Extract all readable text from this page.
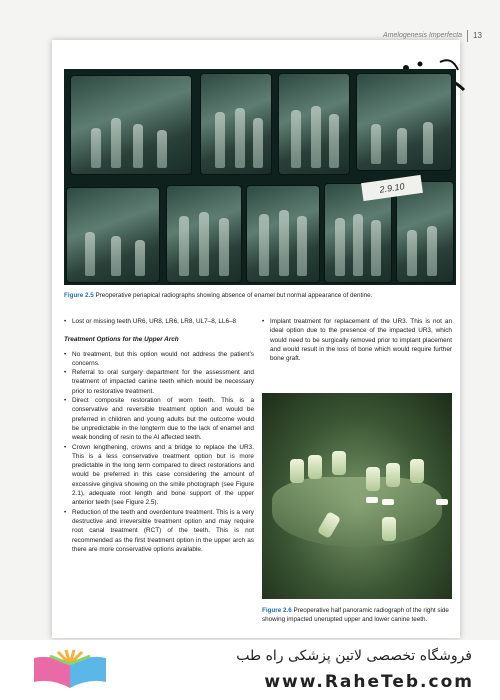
Amelogenesis Imperfecta 13
2.9.10
Figure 2.5 Preoperative periapical radiographs showing absence of enamel but normal appearance of dentine.
• Lost or missing teeth UR6, UR8, LR6, LR8, UL7–8, LL6–8
Treatment Options for the Upper Arch
• No treatment, but this option would not address the patient’s concerns.
• Referral to oral surgery department for the assessment and treatment of impacted canine teeth which would be necessary prior to restorative treatment.
• Direct composite restoration of worn teeth. This is a conservative and reversible treatment option and would be preferred in children and young adults but the outcome would be unpredictable in the longterm due to the lack of enamel and weak bonding of resin to the AI affected teeth.
• Crown lengthening, crowns and a bridge to replace the UR3. This is a less conservative treatment option but is more predictable in the long term compared to direct restorations and would be preferred in this case considering the amount of excessive gingiva showing on the smile photograph (see Figure 2.1), adequate root length and bone support of the upper anterior teeth (see Figure 2.5).
• Reduction of the teeth and overdenture treatment. This is a very destructive and irreversible treatment option and may require root canal treatment (RCT) of the teeth. This is not recommended as the first treatment option in the upper arch as there are more conservative options available.
• Implant treatment for replacement of the UR3. This is not an ideal option due to the presence of the impacted UR3, which would need to be surgically removed prior to implant placement and would result in the loss of bone which would require further bone graft.
Figure 2.6 Preoperative half panoramic radiograph of the right side showing impacted unerupted upper and lower canine teeth.
فروشگاه تخصصی لاتین پزشکی راه طب
www.RaheTeb.com
